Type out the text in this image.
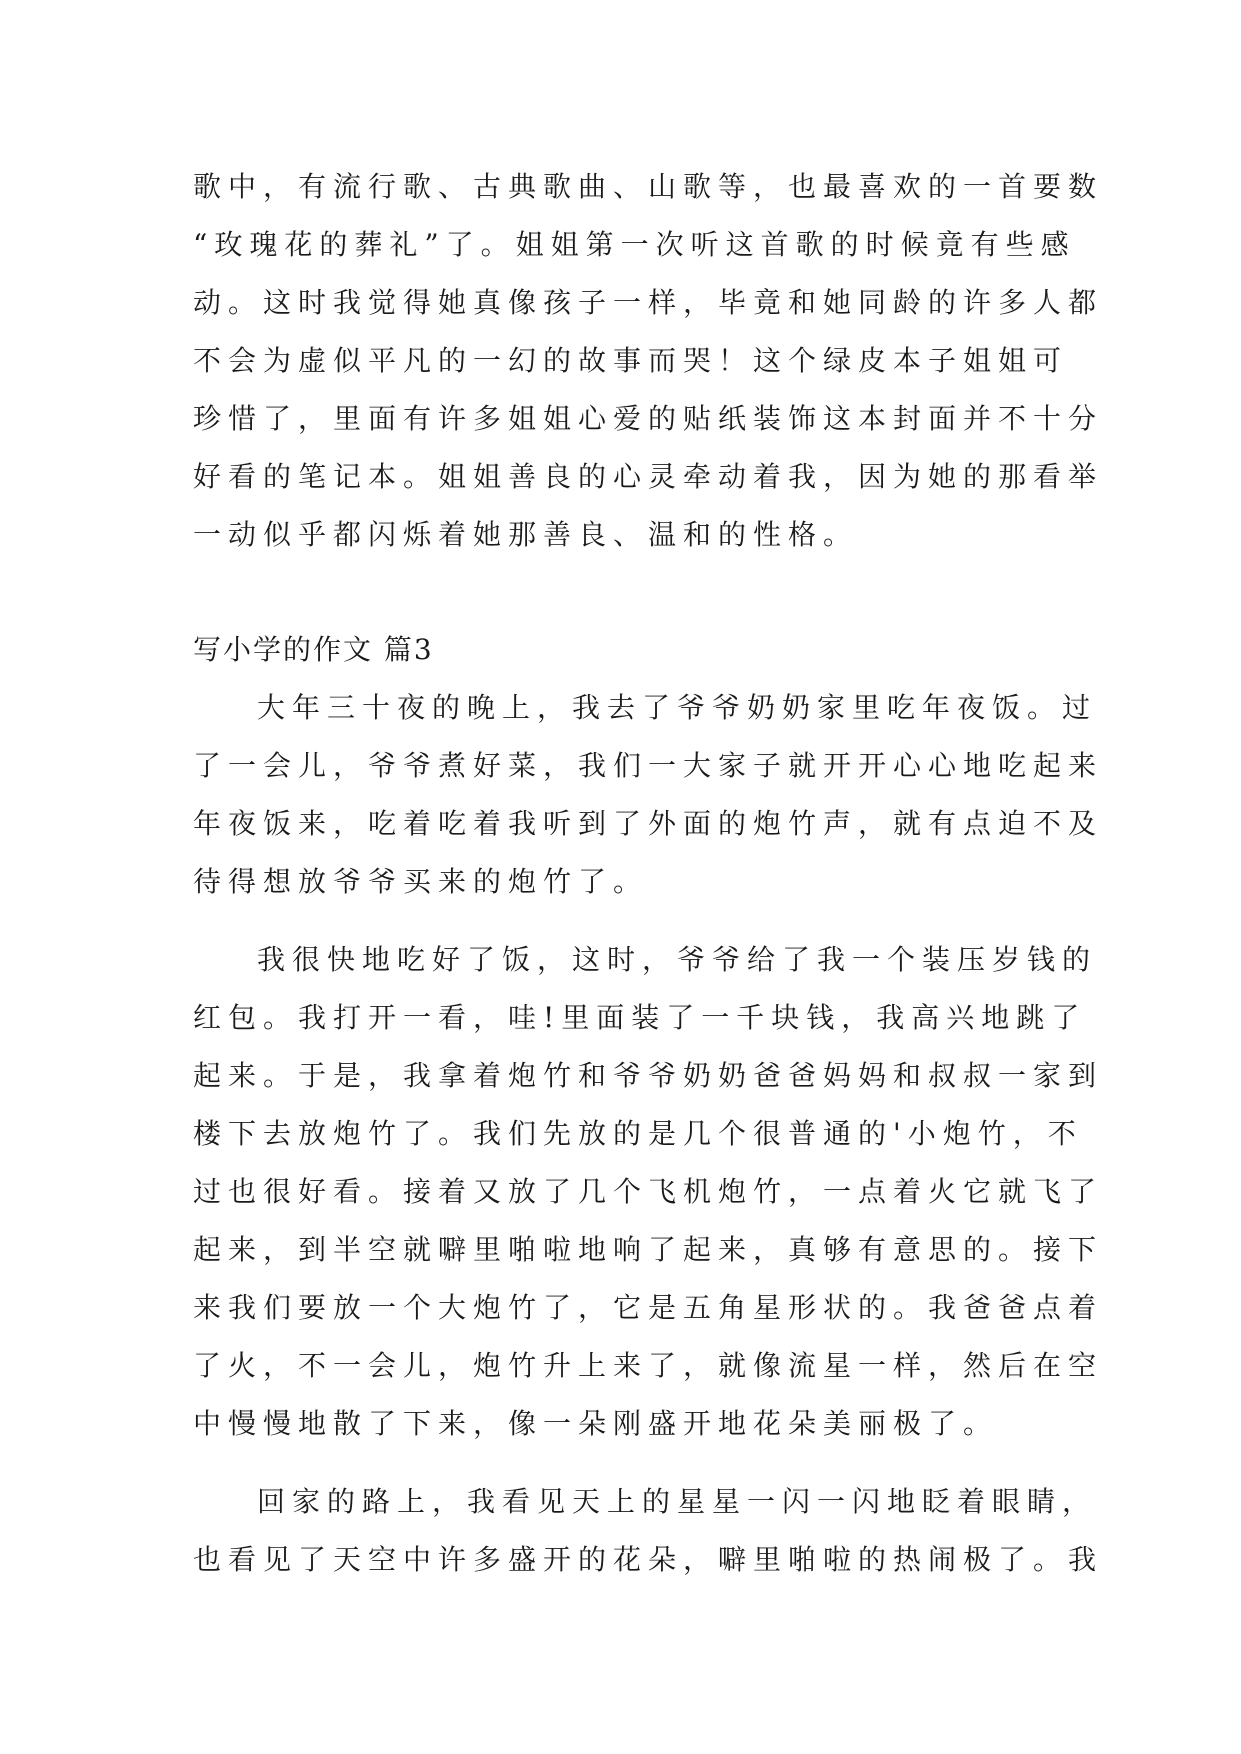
歌中，有流行歌、古典歌曲、山歌等，也最喜欢的一首要数
“玫瑰花的葬礼”了。姐姐第一次听这首歌的时候竟有些感
动。这时我觉得她真像孩子一样，毕竟和她同龄的许多人都
不会为虚似平凡的一幻的故事而哭！这个绿皮本子姐姐可
珍惜了，里面有许多姐姐心爱的贴纸装饰这本封面并不十分
好看的笔记本。姐姐善良的心灵牵动着我，因为她的那看举
一动似乎都闪烁着她那善良、温和的性格。
写小学的作文 篇3
大年三十夜的晚上，我去了爷爷奶奶家里吃年夜饭。过
了一会儿，爷爷煮好菜，我们一大家子就开开心心地吃起来
年夜饭来，吃着吃着我听到了外面的炮竹声，就有点迫不及
待得想放爷爷买来的炮竹了。
我很快地吃好了饭，这时，爷爷给了我一个装压岁钱的
红包。我打开一看，哇!里面装了一千块钱，我高兴地跳了
起来。于是，我拿着炮竹和爷爷奶奶爸爸妈妈和叔叔一家到
楼下去放炮竹了。我们先放的是几个很普通的'小炮竹，不
过也很好看。接着又放了几个飞机炮竹，一点着火它就飞了
起来，到半空就噼里啪啦地响了起来，真够有意思的。接下
来我们要放一个大炮竹了，它是五角星形状的。我爸爸点着
了火，不一会儿，炮竹升上来了，就像流星一样，然后在空
中慢慢地散了下来，像一朵刚盛开地花朵美丽极了。
回家的路上，我看见天上的星星一闪一闪地眨着眼睛，
也看见了天空中许多盛开的花朵，噼里啪啦的热闹极了。我
